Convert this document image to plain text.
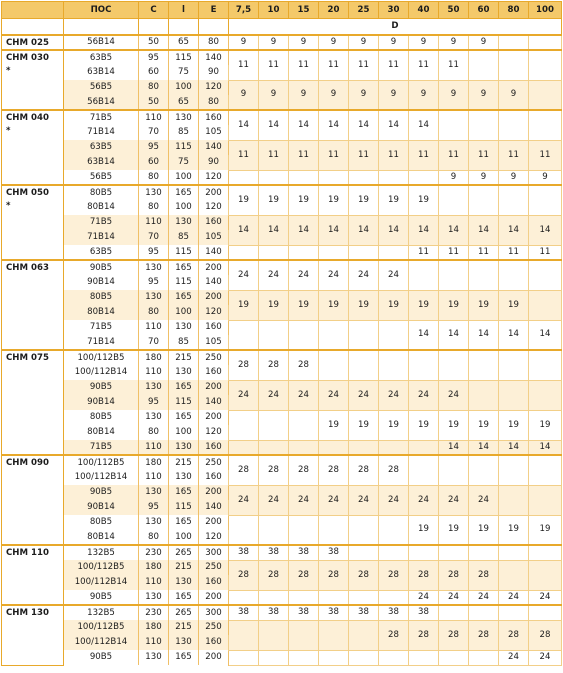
	ПОС	C	l	E	7,5	10	15	20	25	30	40	50	60	80	100
					D										

CHM 025	56B14	50	65	80	9	9	9	9	9	9	9	9	9		

CHM 030
*	63B5	95	115	140	11	11	11	11	11	11	11	11			
	63B14	60	75	90											
	56B5	80	100	120	9	9	9	9	9	9	9	9	9	9	
	56B14	50	65	80											

CHM 040
*	71B5	110	130	160	14	14	14	14	14	14	14				
	71B14	70	85	105											
	63B5	95	115	140	11	11	11	11	11	11	11	11	11	11	11
	63B14	60	75	90											
	56B5	80	100	120								9	9	9	9

CHM 050
*	80B5	130	165	200	19	19	19	19	19	19	19				
	80B14	80	100	120											
	71B5	110	130	160	14	14	14	14	14	14	14	14	14	14	14
	71B14	70	85	105											
	63B5	95	115	140							11	11	11	11	11

CHM 063	90B5	130	165	200	24	24	24	24	24	24					
	90B14	95	115	140											
	80B5	130	165	200	19	19	19	19	19	19	19	19	19	19	
	80B14	80	100	120											
	71B5	110	130	160							14	14	14	14	14
	71B14	70	85	105											

CHM 075	100/112B5	180	215	250	28	28	28								
	100/112B14	110	130	160											
	90B5	130	165	200	24	24	24	24	24	24	24	24			
	90B14	95	115	140											
	80B5	130	165	200				19	19	19	19	19	19	19	19
	80B14	80	100	120											
	71B5	110	130	160								14	14	14	14

CHM 090	100/112B5	180	215	250	28	28	28	28	28	28					
	100/112B14	110	130	160											
	90B5	130	165	200	24	24	24	24	24	24	24	24	24		
	90B14	95	115	140											
	80B5	130	165	200							19	19	19	19	19
	80B14	80	100	120											

CHM 110	132B5	230	265	300	38	38	38	38							
	100/112B5	180	215	250	28	28	28	28	28	28	28	28	28		
	100/112B14	110	130	160											
	90B5	130	165	200							24	24	24	24	24

CHM 130	132B5	230	265	300	38	38	38	38	38	38	38				
	100/112B5	180	215	250						28	28	28	28	28	28
	100/112B14	110	130	160											
	90B5	130	165	200										24	24
